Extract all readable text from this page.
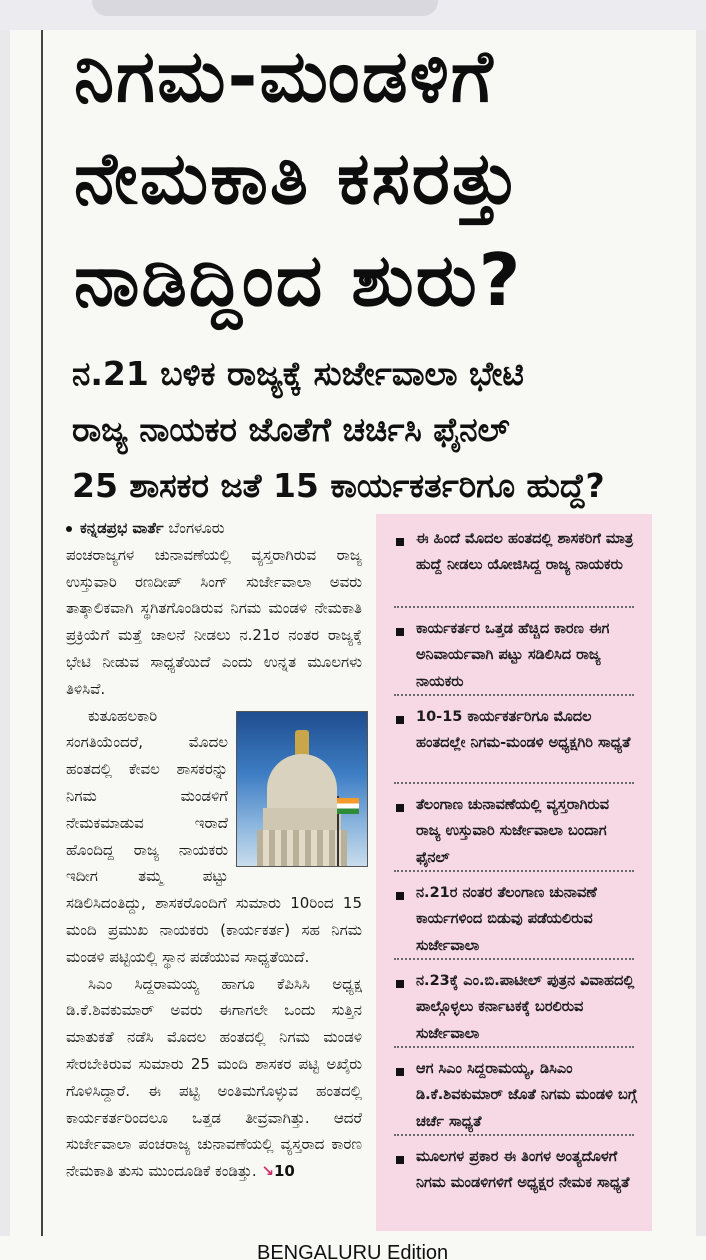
ನಿಗಮ-ಮಂಡಳಿಗೆ
ನೇಮಕಾತಿ ಕಸರತ್ತು
ನಾಡಿದ್ದಿಂದ ಶುರು?
ನ.21 ಬಳಿಕ ರಾಜ್ಯಕ್ಕೆ ಸುರ್ಜೇವಾಲಾ ಭೇಟಿ
ರಾಜ್ಯ ನಾಯಕರ ಜೊತೆಗೆ ಚರ್ಚಿಸಿ ಫೈನಲ್
25 ಶಾಸಕರ ಜತೆ 15 ಕಾರ್ಯಕರ್ತರಿಗೂ ಹುದ್ದೆ?
ಕನ್ನಡಪ್ರಭ ವಾರ್ತೆ ಬೆಂಗಳೂರು

ಪಂಚರಾಜ್ಯಗಳ ಚುನಾವಣೆಯಲ್ಲಿ ವ್ಯಸ್ತರಾಗಿರುವ ರಾಜ್ಯ ಉಸ್ತುವಾರಿ ರಣದೀಪ್ ಸಿಂಗ್ ಸುರ್ಜೇವಾಲಾ ಅವರು ತಾತ್ಕಾಲಿಕವಾಗಿ ಸ್ಥಗಿತಗೊಂಡಿರುವ ನಿಗಮ ಮಂಡಳಿ ನೇಮಕಾತಿ ಪ್ರಕ್ರಿಯೆಗೆ ಮತ್ತೆ ಚಾಲನೆ ನೀಡಲು ನ.21ರ ನಂತರ ರಾಜ್ಯಕ್ಕೆ ಭೇಟಿ ನೀಡುವ ಸಾಧ್ಯತೆಯಿದೆ ಎಂದು ಉನ್ನತ ಮೂಲಗಳು ತಿಳಿಸಿವೆ.

ಕುತೂಹಲಕಾರಿ ಸಂಗತಿಯೆಂದರೆ, ಮೊದಲ ಹಂತದಲ್ಲಿ ಕೇವಲ ಶಾಸಕರನ್ನು ನಿಗಮ ಮಂಡಳಿಗೆ ನೇಮಕಮಾಡುವ ಇರಾದೆ ಹೊಂದಿದ್ದ ರಾಜ್ಯ ನಾಯಕರು ಇದೀಗ ತಮ್ಮ ಪಟ್ಟು ಸಡಿಲಿಸಿದಂತಿದ್ದು, ಶಾಸಕರೊಂದಿಗೆ ಸುಮಾರು 10ರಿಂದ 15 ಮಂದಿ ಪ್ರಮುಖ ನಾಯಕರು (ಕಾರ್ಯಕರ್ತ) ಸಹ ನಿಗಮ ಮಂಡಳಿ ಪಟ್ಟಿಯಲ್ಲಿ ಸ್ಥಾನ ಪಡೆಯುವ ಸಾಧ್ಯತೆಯಿದೆ.

ಸಿಎಂ ಸಿದ್ದರಾಮಯ್ಯ ಹಾಗೂ ಕೆಪಿಸಿಸಿ ಅಧ್ಯಕ್ಷ ಡಿ.ಕೆ.ಶಿವಕುಮಾರ್ ಅವರು ಈಗಾಗಲೇ ಒಂದು ಸುತ್ತಿನ ಮಾತುಕತೆ ನಡೆಸಿ ಮೊದಲ ಹಂತದಲ್ಲಿ ನಿಗಮ ಮಂಡಳಿ ಸೇರಬೇಕಿರುವ ಸುಮಾರು 25 ಮಂದಿ ಶಾಸಕರ ಪಟ್ಟಿ ಅಖೈರು ಗೊಳಿಸಿದ್ದಾರೆ. ಈ ಪಟ್ಟಿ ಅಂತಿಮಗೊಳ್ಳುವ ಹಂತದಲ್ಲಿ ಕಾರ್ಯಕರ್ತರಿಂದಲೂ ಒತ್ತಡ ತೀವ್ರವಾಗಿತ್ತು. ಆದರೆ ಸುರ್ಜೇವಾಲಾ ಪಂಚರಾಜ್ಯ ಚುನಾವಣೆಯಲ್ಲಿ ವ್ಯಸ್ತರಾದ ಕಾರಣ ನೇಮಕಾತಿ ತುಸು ಮುಂದೂಡಿಕೆ ಕಂಡಿತ್ತು. ↘10

ಈ ಹಿಂದೆ ಮೊದಲ ಹಂತದಲ್ಲಿ ಶಾಸಕರಿಗೆ ಮಾತ್ರ ಹುದ್ದೆ ನೀಡಲು ಯೋಜಿಸಿದ್ದ ರಾಜ್ಯ ನಾಯಕರು
ಕಾರ್ಯಕರ್ತರ ಒತ್ತಡ ಹೆಚ್ಚಿದ ಕಾರಣ ಈಗ ಅನಿವಾರ್ಯವಾಗಿ ಪಟ್ಟು ಸಡಿಲಿಸಿದ ರಾಜ್ಯ ನಾಯಕರು
10-15 ಕಾರ್ಯಕರ್ತರಿಗೂ ಮೊದಲ ಹಂತದಲ್ಲೇ ನಿಗಮ-ಮಂಡಳಿ ಅಧ್ಯಕ್ಷಗಿರಿ ಸಾಧ್ಯತೆ
ತೆಲಂಗಾಣ ಚುನಾವಣೆಯಲ್ಲಿ ವ್ಯಸ್ತರಾಗಿರುವ ರಾಜ್ಯ ಉಸ್ತುವಾರಿ ಸುರ್ಜೇವಾಲಾ ಬಂದಾಗ ಫೈನಲ್
ನ.21ರ ನಂತರ ತೆಲಂಗಾಣ ಚುನಾವಣೆ ಕಾರ್ಯಗಳಿಂದ ಬಿಡುವು ಪಡೆಯಲಿರುವ ಸುರ್ಜೇವಾಲಾ
ನ.23ಕ್ಕೆ ಎಂ.ಬಿ.ಪಾಟೀಲ್ ಪುತ್ರನ ವಿವಾಹದಲ್ಲಿ ಪಾಲ್ಗೊಳ್ಳಲು ಕರ್ನಾಟಕಕ್ಕೆ ಬರಲಿರುವ ಸುರ್ಜೇವಾಲಾ
ಆಗ ಸಿಎಂ ಸಿದ್ದರಾಮಯ್ಯ, ಡಿಸಿಎಂ ಡಿ.ಕೆ.ಶಿವಕುಮಾರ್ ಜೊತೆ ನಿಗಮ ಮಂಡಳಿ ಬಗ್ಗೆ ಚರ್ಚೆ ಸಾಧ್ಯತೆ
ಮೂಲಗಳ ಪ್ರಕಾರ ಈ ತಿಂಗಳ ಅಂತ್ಯದೊಳಗೆ ನಿಗಮ ಮಂಡಳಿಗಳಿಗೆ ಅಧ್ಯಕ್ಷರ ನೇಮಕ ಸಾಧ್ಯತೆ
BENGALURU Edition
